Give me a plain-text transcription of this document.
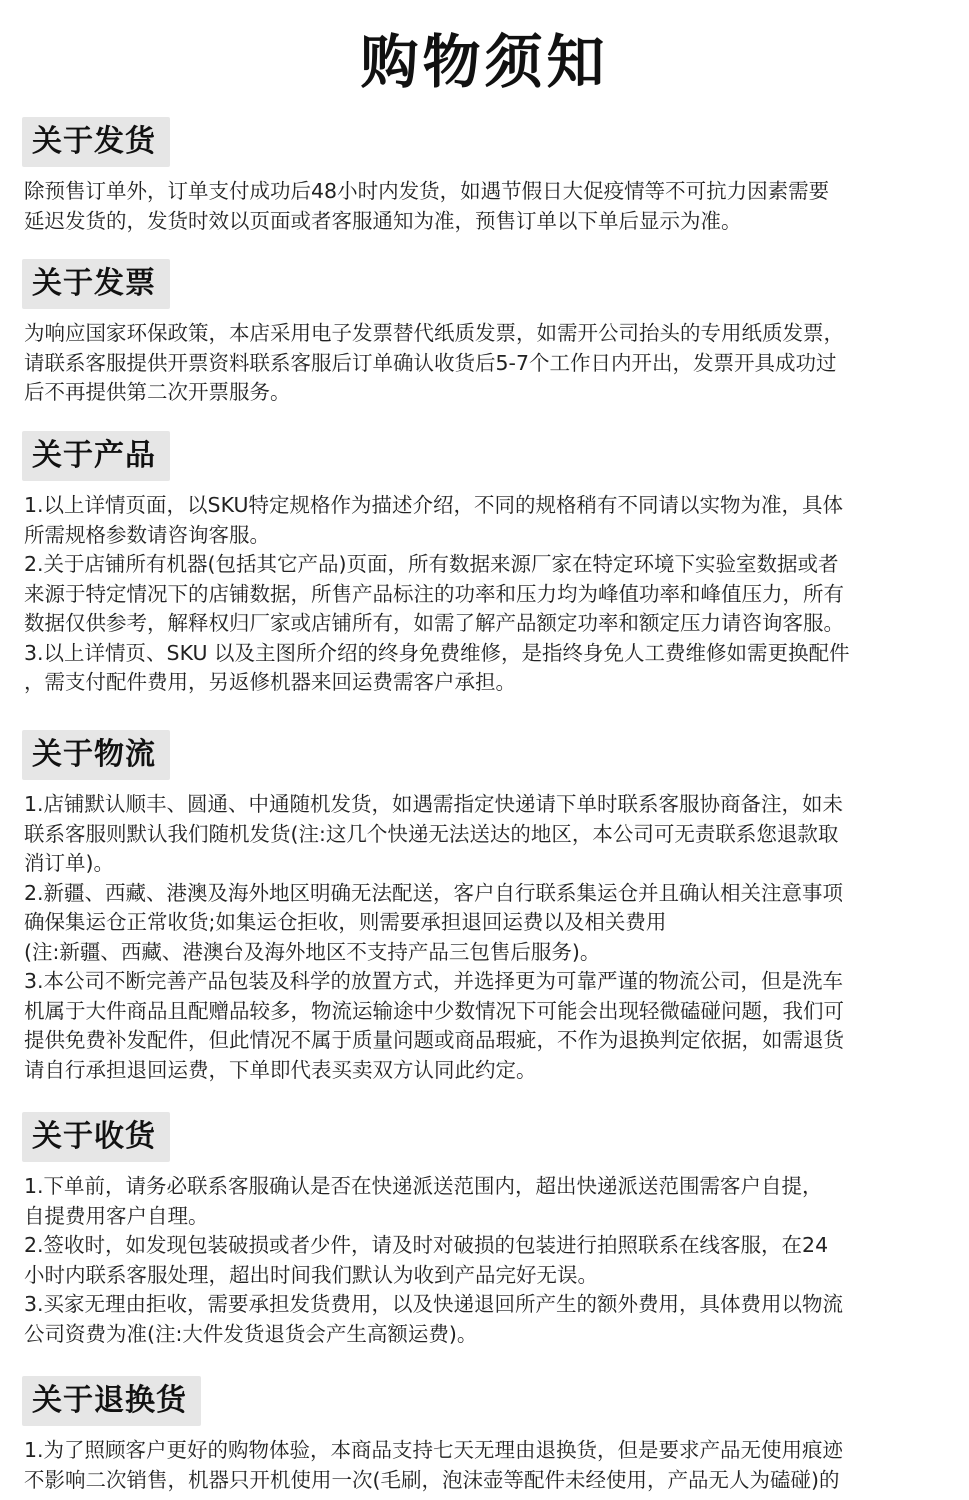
购物须知
关于发货

除预售订单外，订单支付成功后48小时内发货，如遇节假日大促疫情等不可抗力因素需要

延迟发货的，发货时效以页面或者客服通知为准，预售订单以下单后显示为准。

关于发票

为响应国家环保政策，本店采用电子发票替代纸质发票，如需开公司抬头的专用纸质发票，

请联系客服提供开票资料联系客服后订单确认收货后5-7个工作日内开出，发票开具成功过

后不再提供第二次开票服务。

关于产品

1.以上详情页面，以SKU特定规格作为描述介绍，不同的规格稍有不同请以实物为准，具体

所需规格参数请咨询客服。

2.关于店铺所有机器(包括其它产品)页面，所有数据来源厂家在特定环境下实验室数据或者

来源于特定情况下的店铺数据，所售产品标注的功率和压力均为峰值功率和峰值压力，所有

数据仅供参考，解释权归厂家或店铺所有，如需了解产品额定功率和额定压力请咨询客服。

3.以上详情页、SKU 以及主图所介绍的终身免费维修，是指终身免人工费维修如需更换配件

，需支付配件费用，另返修机器来回运费需客户承担。

关于物流

1.店铺默认顺丰、圆通、中通随机发货，如遇需指定快递请下单时联系客服协商备注，如未

联系客服则默认我们随机发货(注:这几个快递无法送达的地区，本公司可无责联系您退款取

消订单)。

2.新疆、西藏、港澳及海外地区明确无法配送，客户自行联系集运仓并且确认相关注意事项

确保集运仓正常收货;如集运仓拒收，则需要承担退回运费以及相关费用

(注:新疆、西藏、港澳台及海外地区不支持产品三包售后服务)。

3.本公司不断完善产品包装及科学的放置方式，并选择更为可靠严谨的物流公司，但是洗车

机属于大件商品且配赠品较多，物流运输途中少数情况下可能会出现轻微磕碰问题，我们可

提供免费补发配件，但此情况不属于质量问题或商品瑕疵，不作为退换判定依据，如需退货

请自行承担退回运费，下单即代表买卖双方认同此约定。

关于收货

1.下单前，请务必联系客服确认是否在快递派送范围内，超出快递派送范围需客户自提，

自提费用客户自理。

2.签收时，如发现包装破损或者少件，请及时对破损的包装进行拍照联系在线客服，在24

小时内联系客服处理，超出时间我们默认为收到产品完好无误。

3.买家无理由拒收，需要承担发货费用，以及快递退回所产生的额外费用，具体费用以物流

公司资费为准(注:大件发货退货会产生高额运费)。

关于退换货

1.为了照顾客户更好的购物体验，本商品支持七天无理由退换货，但是要求产品无使用痕迹

不影响二次销售，机器只开机使用一次(毛刷，泡沫壶等配件未经使用，产品无人为磕碰)的
